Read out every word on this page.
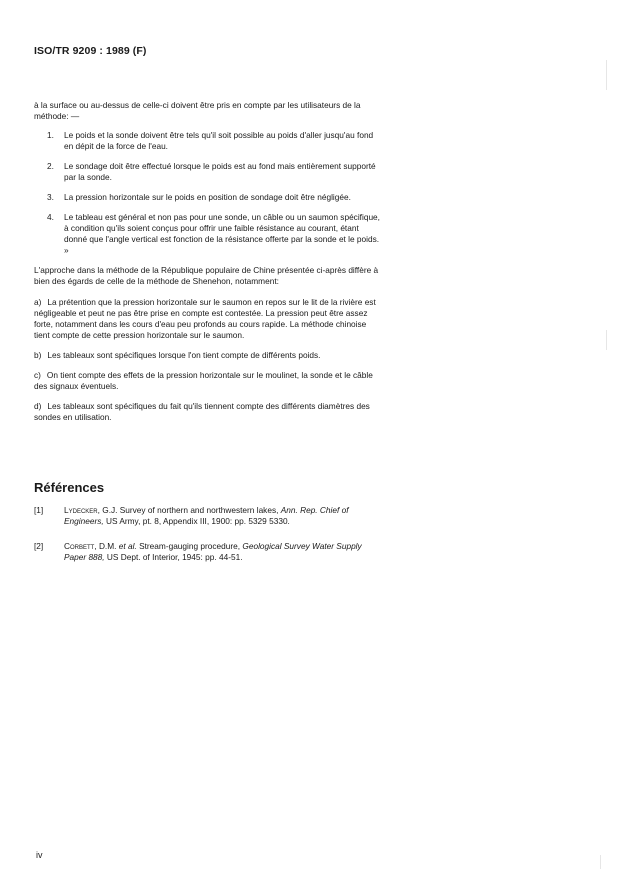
ISO/TR 9209 : 1989 (F)

à la surface ou au-dessus de celle-ci doivent être pris en compte par les utilisateurs de la méthode: —

1.	Le poids et la sonde doivent être tels qu'il soit possible au poids d'aller jusqu'au fond en dépit de la force de l'eau.
2.	Le sondage doit être effectué lorsque le poids est au fond mais entièrement supporté par la sonde.
3.	La pression horizontale sur le poids en position de sondage doit être négligée.
4.	Le tableau est général et non pas pour une sonde, un câble ou un saumon spécifique, à condition qu'ils soient conçus pour offrir une faible résistance au courant, étant donné que l'angle vertical est fonction de la résistance offerte par la sonde et le poids. »

L'approche dans la méthode de la République populaire de Chine présentée ci-après diffère à bien des égards de celle de la méthode de Shenehon, notamment:

a) La prétention que la pression horizontale sur le saumon en repos sur le lit de la rivière est négligeable et peut ne pas être prise en compte est contestée. La pression peut être assez forte, notamment dans les cours d'eau peu profonds au cours rapide. La méthode chinoise tient compte de cette pression horizontale sur le saumon.

b) Les tableaux sont spécifiques lorsque l'on tient compte de différents poids.

c) On tient compte des effets de la pression horizontale sur le moulinet, la sonde et le câble des signaux éventuels.

d) Les tableaux sont spécifiques du fait qu'ils tiennent compte des différents diamètres des sondes en utilisation.

Références
[1]	Lydecker, G.J. Survey of northern and northwestern lakes, Ann. Rep. Chief of Engineers, US Army, pt. 8, Appendix III, 1900: pp. 5329 5330.
[2]	Corbett, D.M. et al. Stream-gauging procedure, Geological Survey Water Supply Paper 888, US Dept. of Interior, 1945: pp. 44-51.
iv
